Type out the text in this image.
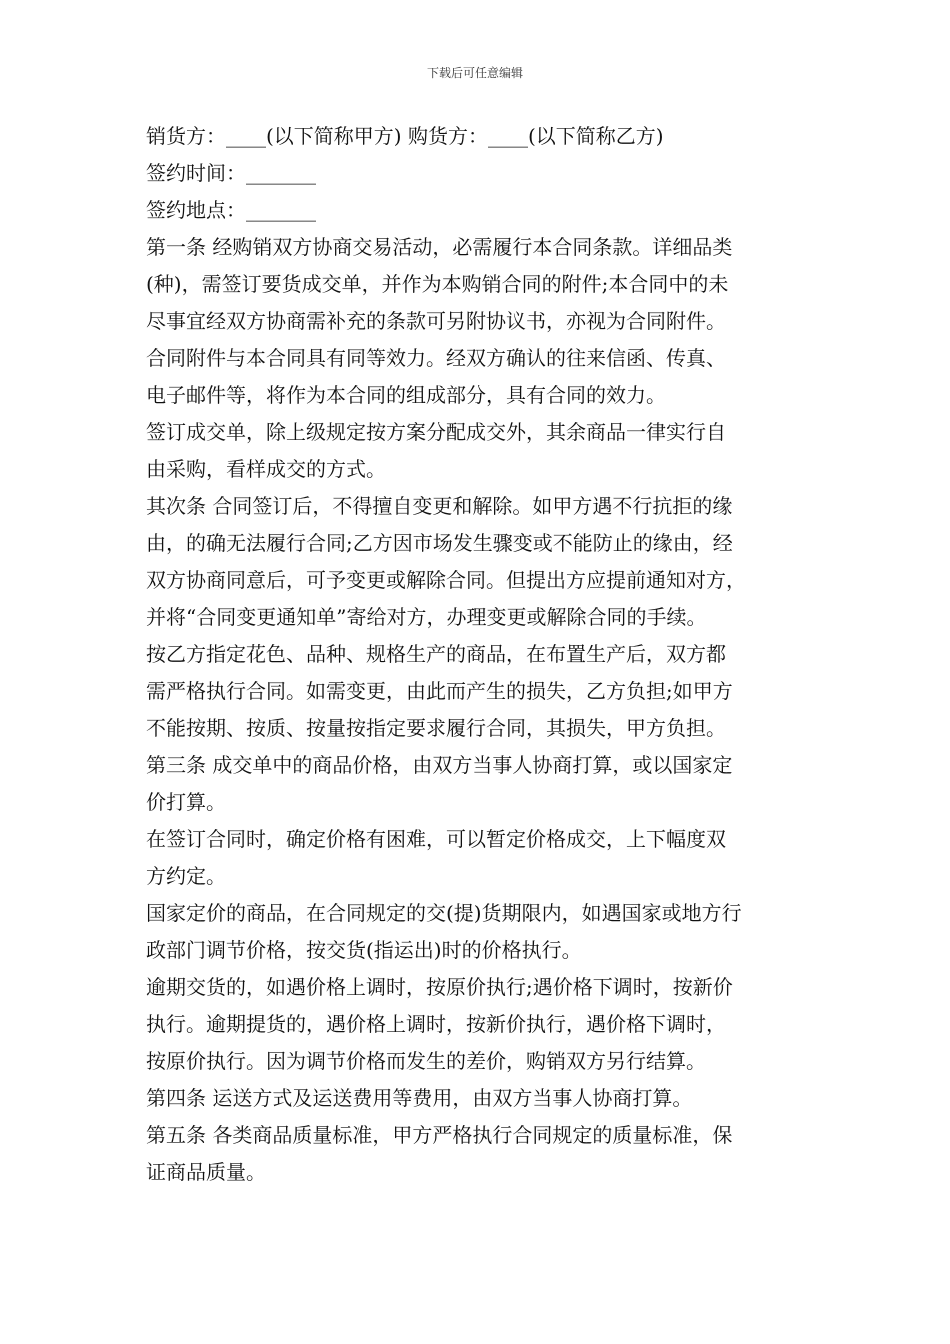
下载后可任意编辑
销货方：____(以下简称甲方) 购货方：____(以下简称乙方)
签约时间：_______
签约地点：_______
第一条 经购销双方协商交易活动，必需履行本合同条款。详细品类
(种)，需签订要货成交单，并作为本购销合同的附件;本合同中的未
尽事宜经双方协商需补充的条款可另附协议书，亦视为合同附件。
合同附件与本合同具有同等效力。经双方确认的往来信函、传真、
电子邮件等，将作为本合同的组成部分，具有合同的效力。
签订成交单，除上级规定按方案分配成交外，其余商品一律实行自
由采购，看样成交的方式。
其次条 合同签订后，不得擅自变更和解除。如甲方遇不行抗拒的缘
由，的确无法履行合同;乙方因市场发生骤变或不能防止的缘由，经
双方协商同意后，可予变更或解除合同。但提出方应提前通知对方，
并将“合同变更通知单”寄给对方，办理变更或解除合同的手续。
按乙方指定花色、品种、规格生产的商品，在布置生产后，双方都
需严格执行合同。如需变更，由此而产生的损失，乙方负担;如甲方
不能按期、按质、按量按指定要求履行合同，其损失，甲方负担。
第三条 成交单中的商品价格，由双方当事人协商打算，或以国家定
价打算。
在签订合同时，确定价格有困难，可以暂定价格成交，上下幅度双
方约定。
国家定价的商品，在合同规定的交(提)货期限内，如遇国家或地方行
政部门调节价格，按交货(指运出)时的价格执行。
逾期交货的，如遇价格上调时，按原价执行;遇价格下调时，按新价
执行。逾期提货的，遇价格上调时，按新价执行，遇价格下调时，
按原价执行。因为调节价格而发生的差价，购销双方另行结算。
第四条 运送方式及运送费用等费用，由双方当事人协商打算。
第五条 各类商品质量标准，甲方严格执行合同规定的质量标准，保
证商品质量。
